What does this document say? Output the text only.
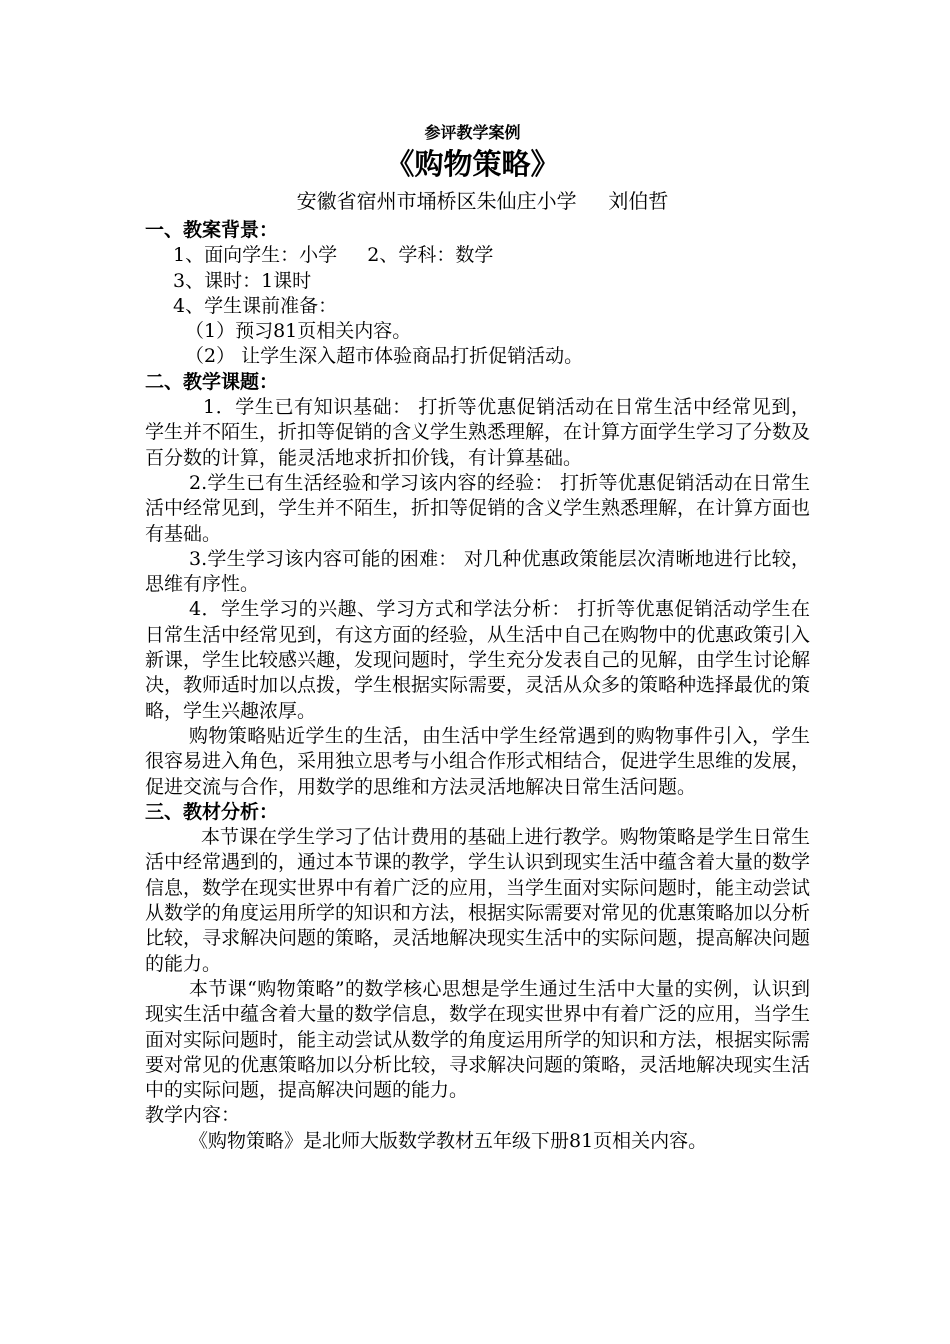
参评教学案例
《购物策略》
安徽省宿州市埇桥区朱仙庄小学     刘伯哲
一、教案背景：
1、面向学生：小学     2、学科：数学
3、课时：1课时
4、学生课前准备：
（1）预习81页相关内容。
（2） 让学生深入超市体验商品打折促销活动。
二、教学课题：

1．学生已有知识基础： 打折等优惠促销活动在日常生活中经常见到，学生并不陌生，折扣等促销的含义学生熟悉理解，在计算方面学生学习了分数及百分数的计算，能灵活地求折扣价钱，有计算基础。

2.学生已有生活经验和学习该内容的经验： 打折等优惠促销活动在日常生活中经常见到，学生并不陌生，折扣等促销的含义学生熟悉理解，在计算方面也有基础。

3.学生学习该内容可能的困难： 对几种优惠政策能层次清晰地进行比较，思维有序性。

4．学生学习的兴趣、学习方式和学法分析： 打折等优惠促销活动学生在日常生活中经常见到，有这方面的经验，从生活中自己在购物中的优惠政策引入新课，学生比较感兴趣，发现问题时，学生充分发表自己的见解，由学生讨论解决，教师适时加以点拨，学生根据实际需要，灵活从众多的策略种选择最优的策略，学生兴趣浓厚。

购物策略贴近学生的生活，由生活中学生经常遇到的购物事件引入，学生很容易进入角色，采用独立思考与小组合作形式相结合，促进学生思维的发展，促进交流与合作，用数学的思维和方法灵活地解决日常生活问题。

三、教材分析：

本节课在学生学习了估计费用的基础上进行教学。购物策略是学生日常生活中经常遇到的，通过本节课的教学，学生认识到现实生活中蕴含着大量的数学信息，数学在现实世界中有着广泛的应用，当学生面对实际问题时，能主动尝试从数学的角度运用所学的知识和方法，根据实际需要对常见的优惠策略加以分析比较，寻求解决问题的策略，灵活地解决现实生活中的实际问题，提高解决问题的能力。

本节课“购物策略”的数学核心思想是学生通过生活中大量的实例，认识到现实生活中蕴含着大量的数学信息，数学在现实世界中有着广泛的应用，当学生面对实际问题时，能主动尝试从数学的角度运用所学的知识和方法，根据实际需要对常见的优惠策略加以分析比较，寻求解决问题的策略，灵活地解决现实生活中的实际问题，提高解决问题的能力。

教学内容：

《购物策略》是北师大版数学教材五年级下册81页相关内容。
